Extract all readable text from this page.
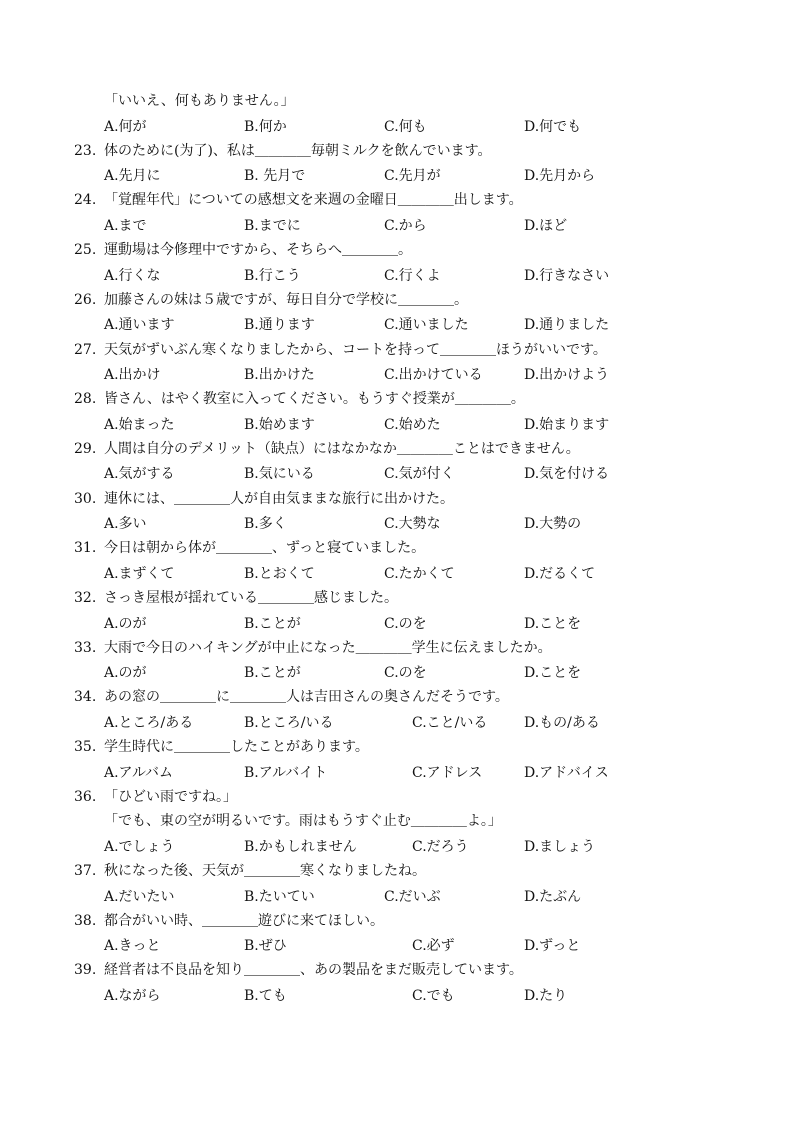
「いいえ、何もありません。」
A.何が	B.何か	C.何も	D.何でも
23. 体のために(为了)、私は＿＿＿＿毎朝ミルクを飲んでいます。
A.先月に	B. 先月で	C.先月が	D.先月から
24. 「覚醒年代」についての感想文を来週の金曜日＿＿＿＿出します。
A.まで	B.までに	C.から	D.ほど
25. 運動場は今修理中ですから、そちらへ＿＿＿＿。
A.行くな	B.行こう	C.行くよ	D.行きなさい
26. 加藤さんの妹は５歳ですが、毎日自分で学校に＿＿＿＿。
A.通います	B.通ります	C.通いました	D.通りました
27. 天気がずいぶん寒くなりましたから、コートを持って＿＿＿＿ほうがいいです。
A.出かけ	B.出かけた	C.出かけている	D.出かけよう
28. 皆さん、はやく教室に入ってください。もうすぐ授業が＿＿＿＿。
A.始まった	B.始めます	C.始めた	D.始まります
29. 人間は自分のデメリット（缺点）にはなかなか＿＿＿＿ことはできません。
A.気がする	B.気にいる	C.気が付く	D.気を付ける
30. 連休には、＿＿＿＿人が自由気ままな旅行に出かけた。
A.多い	B.多く	C.大勢な	D.大勢の
31. 今日は朝から体が＿＿＿＿、ずっと寝ていました。
A.まずくて	B.とおくて	C.たかくて	D.だるくて
32. さっき屋根が揺れている＿＿＿＿感じました。
A.のが	B.ことが	C.のを	D.ことを
33. 大雨で今日のハイキングが中止になった＿＿＿＿学生に伝えましたか。
A.のが	B.ことが	C.のを	D.ことを
34. あの窓の＿＿＿＿に＿＿＿＿人は吉田さんの奥さんだそうです。
A.ところ/ある	B.ところ/いる	C.こと/いる	D.もの/ある
35. 学生時代に＿＿＿＿したことがあります。
A.アルバム	B.アルバイト	C.アドレス	D.アドバイス
36. 「ひどい雨ですね。」
「でも、東の空が明るいです。雨はもうすぐ止む＿＿＿＿よ。」
A.でしょう	B.かもしれません	C.だろう	D.ましょう
37. 秋になった後、天気が＿＿＿＿寒くなりましたね。
A.だいたい	B.たいてい	C.だいぶ	D.たぶん
38. 都合がいい時、＿＿＿＿遊びに来てほしい。
A.きっと	B.ぜひ	C.必ず	D.ずっと
39. 経営者は不良品を知り＿＿＿＿、あの製品をまだ販売しています。
A.ながら	B.ても	C.でも	D.たり
